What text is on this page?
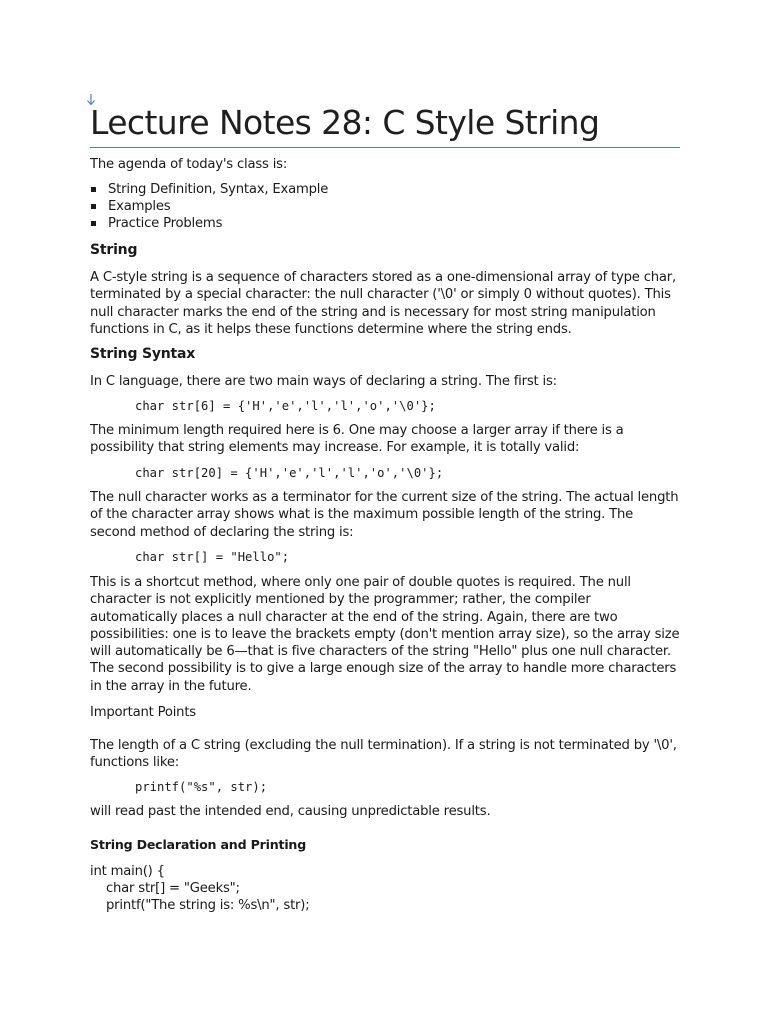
Lecture Notes 28: C Style String
The agenda of today's class is:
String Definition, Syntax, Example
Examples
Practice Problems
String
A C-style string is a sequence of characters stored as a one-dimensional array of type char, terminated by a special character: the null character ('\0' or simply 0 without quotes). This null character marks the end of the string and is necessary for most string manipulation functions in C, as it helps these functions determine where the string ends.
String Syntax
In C language, there are two main ways of declaring a string. The first is:
char str[6] = {'H','e','l','l','o','\0'};
The minimum length required here is 6. One may choose a larger array if there is a possibility that string elements may increase. For example, it is totally valid:
char str[20] = {'H','e','l','l','o','\0'};
The null character works as a terminator for the current size of the string. The actual length of the character array shows what is the maximum possible length of the string. The second method of declaring the string is:
char str[] = "Hello";
This is a shortcut method, where only one pair of double quotes is required. The null character is not explicitly mentioned by the programmer; rather, the compiler automatically places a null character at the end of the string. Again, there are two possibilities: one is to leave the brackets empty (don't mention array size), so the array size will automatically be 6—that is five characters of the string "Hello" plus one null character. The second possibility is to give a large enough size of the array to handle more characters in the array in the future.
Important Points
The length of a C string (excluding the null termination). If a string is not terminated by '\0', functions like:
printf("%s", str);
will read past the intended end, causing unpredictable results.
String Declaration and Printing
int main() {
char str[] = "Geeks";
printf("The string is: %s\n", str);
